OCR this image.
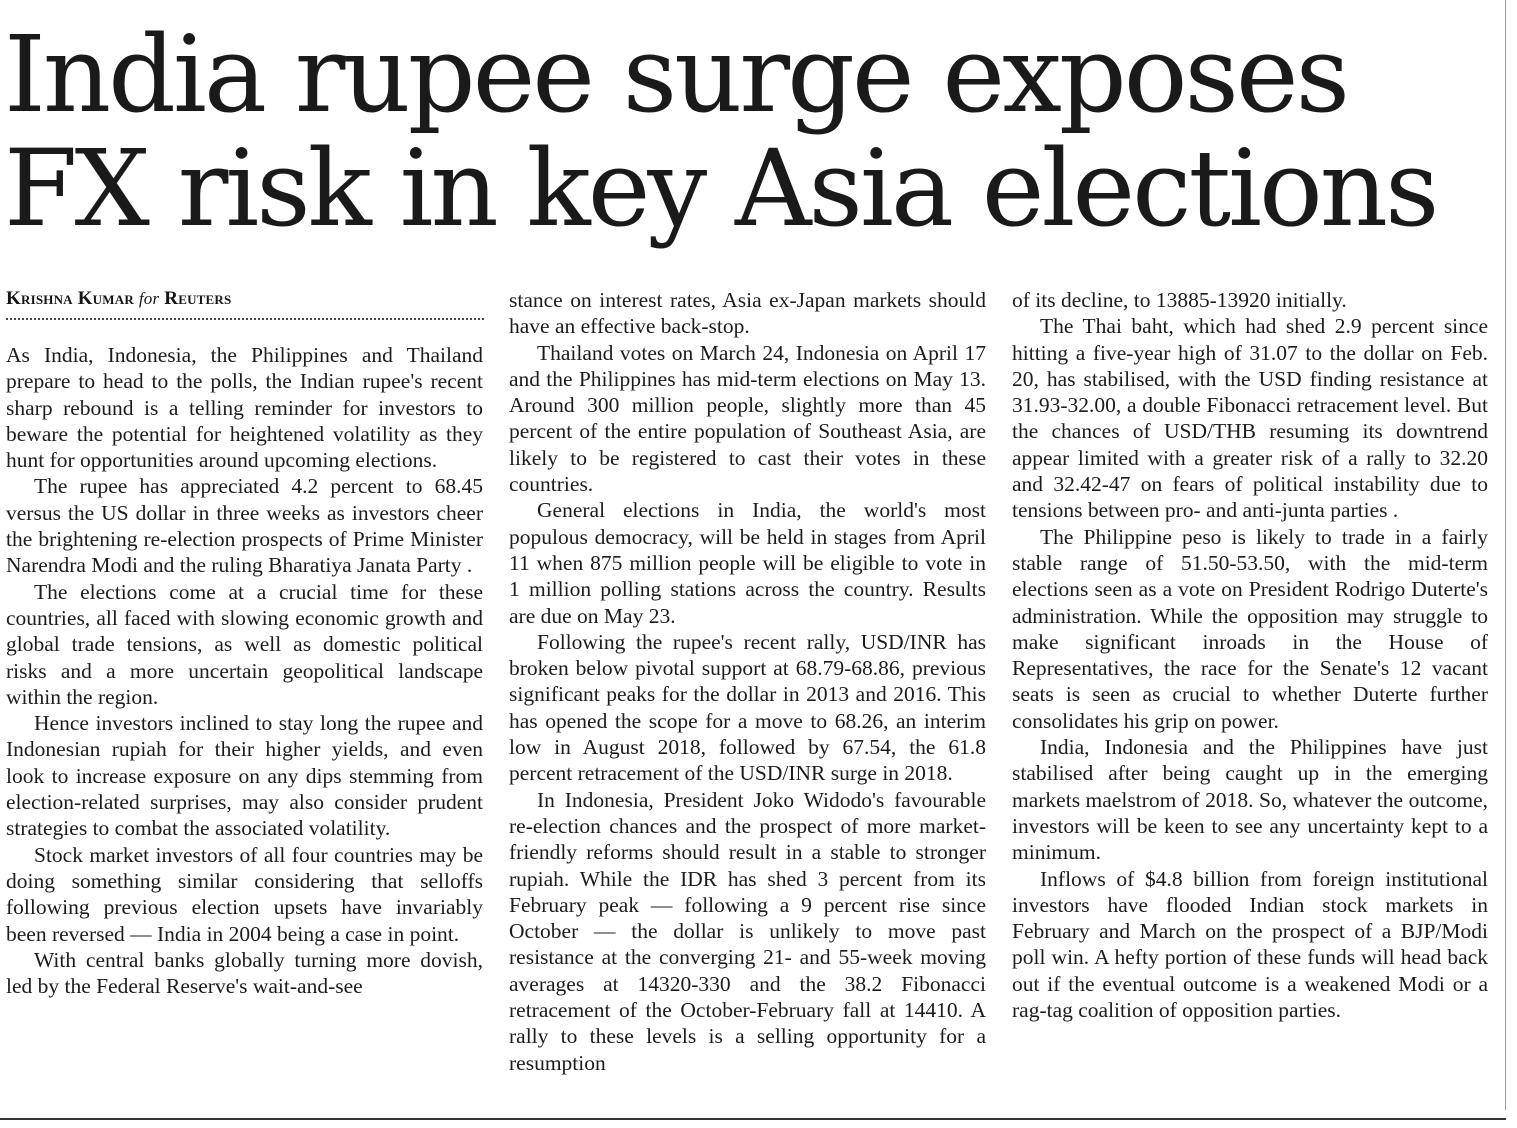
India rupee surge exposes FX risk in key Asia elections
Krishna Kumar for Reuters

As India, Indonesia, the Philippines and Thailand prepare to head to the polls, the Indian rupee's recent sharp rebound is a telling reminder for investors to beware the potential for heightened volatility as they hunt for opportunities around upcoming elections.

The rupee has appreciated 4.2 percent to 68.45 versus the US dollar in three weeks as investors cheer the brightening re-election prospects of Prime Minister Narendra Modi and the ruling Bharatiya Janata Party .

The elections come at a crucial time for these countries, all faced with slowing economic growth and global trade tensions, as well as domestic political risks and a more uncertain geopolitical landscape within the region.

Hence investors inclined to stay long the rupee and Indonesian rupiah for their higher yields, and even look to increase exposure on any dips stemming from election-related surprises, may also consider prudent strategies to combat the associated volatility.

Stock market investors of all four countries may be doing something similar considering that selloffs following previous election upsets have invariably been reversed — India in 2004 being a case in point.

With central banks globally turning more dovish, led by the Federal Reserve's wait-and-see

stance on interest rates, Asia ex-Japan markets should have an effective back-stop.

Thailand votes on March 24, Indonesia on April 17 and the Philippines has mid-term elections on May 13. Around 300 million people, slightly more than 45 percent of the entire population of Southeast Asia, are likely to be registered to cast their votes in these countries.

General elections in India, the world's most populous democracy, will be held in stages from April 11 when 875 million people will be eligible to vote in 1 million polling stations across the country. Results are due on May 23.

Following the rupee's recent rally, USD/INR has broken below pivotal support at 68.79-68.86, previous significant peaks for the dollar in 2013 and 2016. This has opened the scope for a move to 68.26, an interim low in August 2018, followed by 67.54, the 61.8 percent retracement of the USD/INR surge in 2018.

In Indonesia, President Joko Widodo's favourable re-election chances and the prospect of more market-friendly reforms should result in a stable to stronger rupiah. While the IDR has shed 3 percent from its February peak — following a 9 percent rise since October — the dollar is unlikely to move past resistance at the converging 21- and 55-week moving averages at 14320-330 and the 38.2 Fibonacci retracement of the October-February fall at 14410. A rally to these levels is a selling opportunity for a resumption

of its decline, to 13885-13920 initially.

The Thai baht, which had shed 2.9 percent since hitting a five-year high of 31.07 to the dollar on Feb. 20, has stabilised, with the USD finding resistance at 31.93-32.00, a double Fibonacci retracement level. But the chances of USD/THB resuming its downtrend appear limited with a greater risk of a rally to 32.20 and 32.42-47 on fears of political instability due to tensions between pro- and anti-junta parties .

The Philippine peso is likely to trade in a fairly stable range of 51.50-53.50, with the mid-term elections seen as a vote on President Rodrigo Duterte's administration. While the opposition may struggle to make significant inroads in the House of Representatives, the race for the Senate's 12 vacant seats is seen as crucial to whether Duterte further consolidates his grip on power.

India, Indonesia and the Philippines have just stabilised after being caught up in the emerging markets maelstrom of 2018. So, whatever the outcome, investors will be keen to see any uncertainty kept to a minimum.

Inflows of $4.8 billion from foreign institutional investors have flooded Indian stock markets in February and March on the prospect of a BJP/Modi poll win. A hefty portion of these funds will head back out if the eventual outcome is a weakened Modi or a rag-tag coalition of opposition parties.
